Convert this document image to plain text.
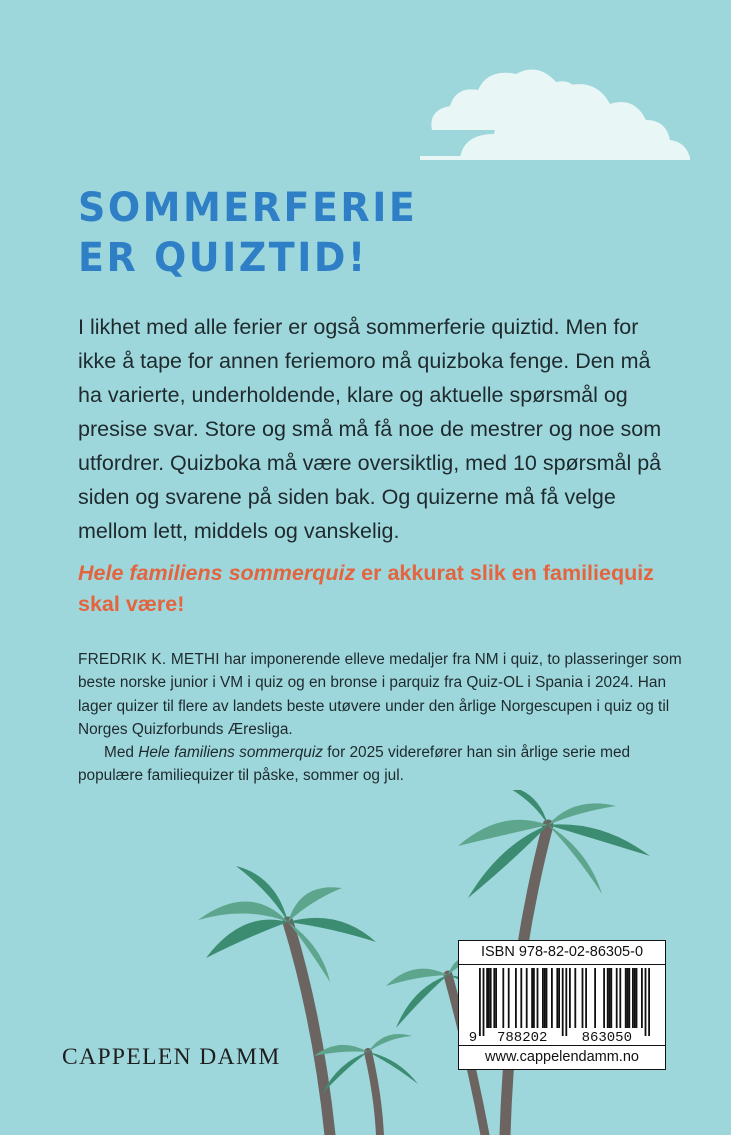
SOMMERFERIE
ER QUIZTID!

I likhet med alle ferier er også sommerferie quiztid. Men for ikke å tape for annen feriemoro må quizboka fenge. Den må ha varierte, underholdende, klare og aktuelle spørsmål og presise svar. Store og små må få noe de mestrer og noe som utfordrer. Quizboka må være oversiktlig, med 10 spørsmål på siden og svarene på siden bak. Og quizerne må få velge mellom lett, middels og vanskelig.

Hele familiens sommerquiz er akkurat slik en familiequiz skal være!

FREDRIK K. METHI har imponerende elleve medaljer fra NM i quiz, to plasseringer som beste norske junior i VM i quiz og en bronse i parquiz fra Quiz-OL i Spania i 2024. Han lager quizer til flere av landets beste utøvere under den årlige Norgescupen i quiz og til Norges Quizforbunds Æresliga.

Med Hele familiens sommerquiz for 2025 viderefører han sin årlige serie med populære familiequizer til påske, sommer og jul.

CAPPELEN DAMM
ISBN 978-82-02-86305-0
9 788202 863050
www.cappelendamm.no
